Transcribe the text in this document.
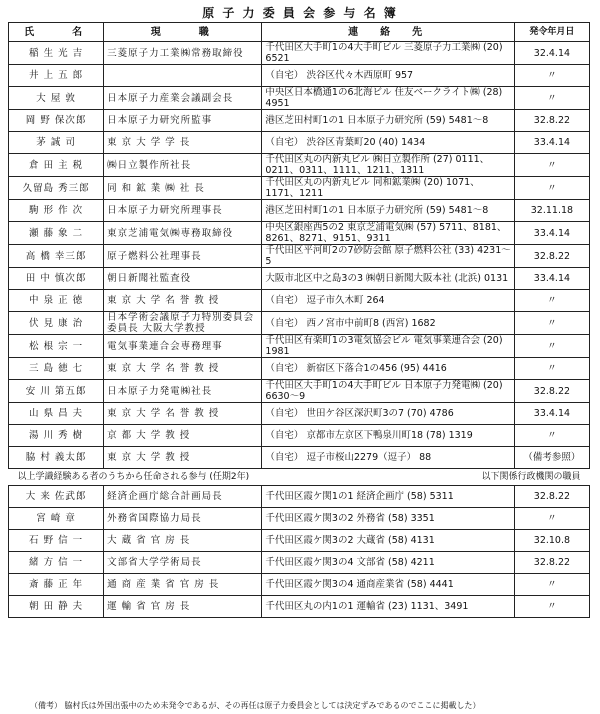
原 子 力 委 員 会 参 与 名 簿
氏　　名	現　　職	連　絡　先	発令年月日
稲 生 光 吉	三菱原子力工業㈱常務取締役	千代田区大手町1の4大手町ビル 三菱原子力工業㈱ (20) 6521	32.4.14
井 上 五 郎		（自宅） 渋谷区代々木西原町 957	〃
大 屋 敦	日本原子力産業会議副会長	中央区日本橋通1の6北海ビル 住友ベークライト㈱ (28) 4951	〃
岡 野 保次郎	日本原子力研究所監事	港区芝田村町1の1 日本原子力研究所 (59) 5481～8	32.8.22
茅 誠 司	東 京 大 学 学 長	（自宅） 渋谷区青葉町20 (40) 1434	33.4.14
倉 田 主 税	㈱日立製作所社長	千代田区丸の内新丸ビル ㈱日立製作所 (27) 0111、0211、0311、1111、1211、1311	〃
久留島 秀三郎	同 和 鉱 業 ㈱ 社 長	千代田区丸の内新丸ビル 同和鉱業㈱ (20) 1071、1171、1211	〃
駒 形 作 次	日本原子力研究所理事長	港区芝田村町1の1 日本原子力研究所 (59) 5481～8	32.11.18
瀬 藤 象 二	東京芝浦電気㈱専務取締役	中央区銀座西5の2 東京芝浦電気㈱ (57) 5711、8181、8261、8271、9151、9311	33.4.14
高 橋 幸三郎	原子燃料公社理事長	千代田区平河町2の7砂防会館 原子燃料公社 (33) 4231～5	32.8.22
田 中 慎次郎	朝日新聞社監査役	大阪市北区中之島3の3 ㈱朝日新聞大阪本社 (北浜) 0131	33.4.14
中 泉 正 徳	東 京 大 学 名 誉 教 授	（自宅） 逗子市久木町 264	〃
伏 見 康 治	日本学術会議原子力特別委員会委員長 大阪大学教授	（自宅） 西ノ宮市中前町8 (西宮) 1682	〃
松 根 宗 一	電気事業連合会専務理事	千代田区有楽町1の3電気協会ビル 電気事業連合会 (20) 1981	〃
三 島 徳 七	東 京 大 学 名 誉 教 授	（自宅） 新宿区下落合1の456 (95) 4416	〃
安 川 第五郎	日本原子力発電㈱社長	千代田区大手町1の4大手町ビル 日本原子力発電㈱ (20) 6630～9	32.8.22
山 県 昌 夫	東 京 大 学 名 誉 教 授	（自宅） 世田ケ谷区深沢町3の7 (70) 4786	33.4.14
湯 川 秀 樹	京 都 大 学 教 授	（自宅） 京都市左京区下鴨泉川町18 (78) 1319	〃
脇 村 義太郎	東 京 大 学 教 授	（自宅） 逗子市桜山2279（逗子） 88	（備考参照）

以上学識経験ある者のうちから任命される参与 (任期2年) 以下関係行政機関の職員			

大 来 佐武郎	経済企画庁総合計画局長	千代田区霞ケ関1の1 経済企画庁 (58) 5311	32.8.22
宮 崎 章	外務省国際協力局長	千代田区霞ケ関3の2 外務省 (58) 3351	〃
石 野 信 一	大 蔵 省 官 房 長	千代田区霞ケ関3の2 大蔵省 (58) 4131	32.10.8
緒 方 信 一	文部省大学学術局長	千代田区霞ケ関3の4 文部省 (58) 4211	32.8.22
斎 藤 正 年	通 商 産 業 省 官 房 長	千代田区霞ケ関3の4 通商産業省 (58) 4441	〃
朝 田 静 夫	運 輸 省 官 房 長	千代田区丸の内1の1 運輸省 (23) 1131、3491	〃
（備考） 脇村氏は外国出張中のため未発令であるが、その再任は原子力委員会としては決定ずみであるのでここに掲載した）
